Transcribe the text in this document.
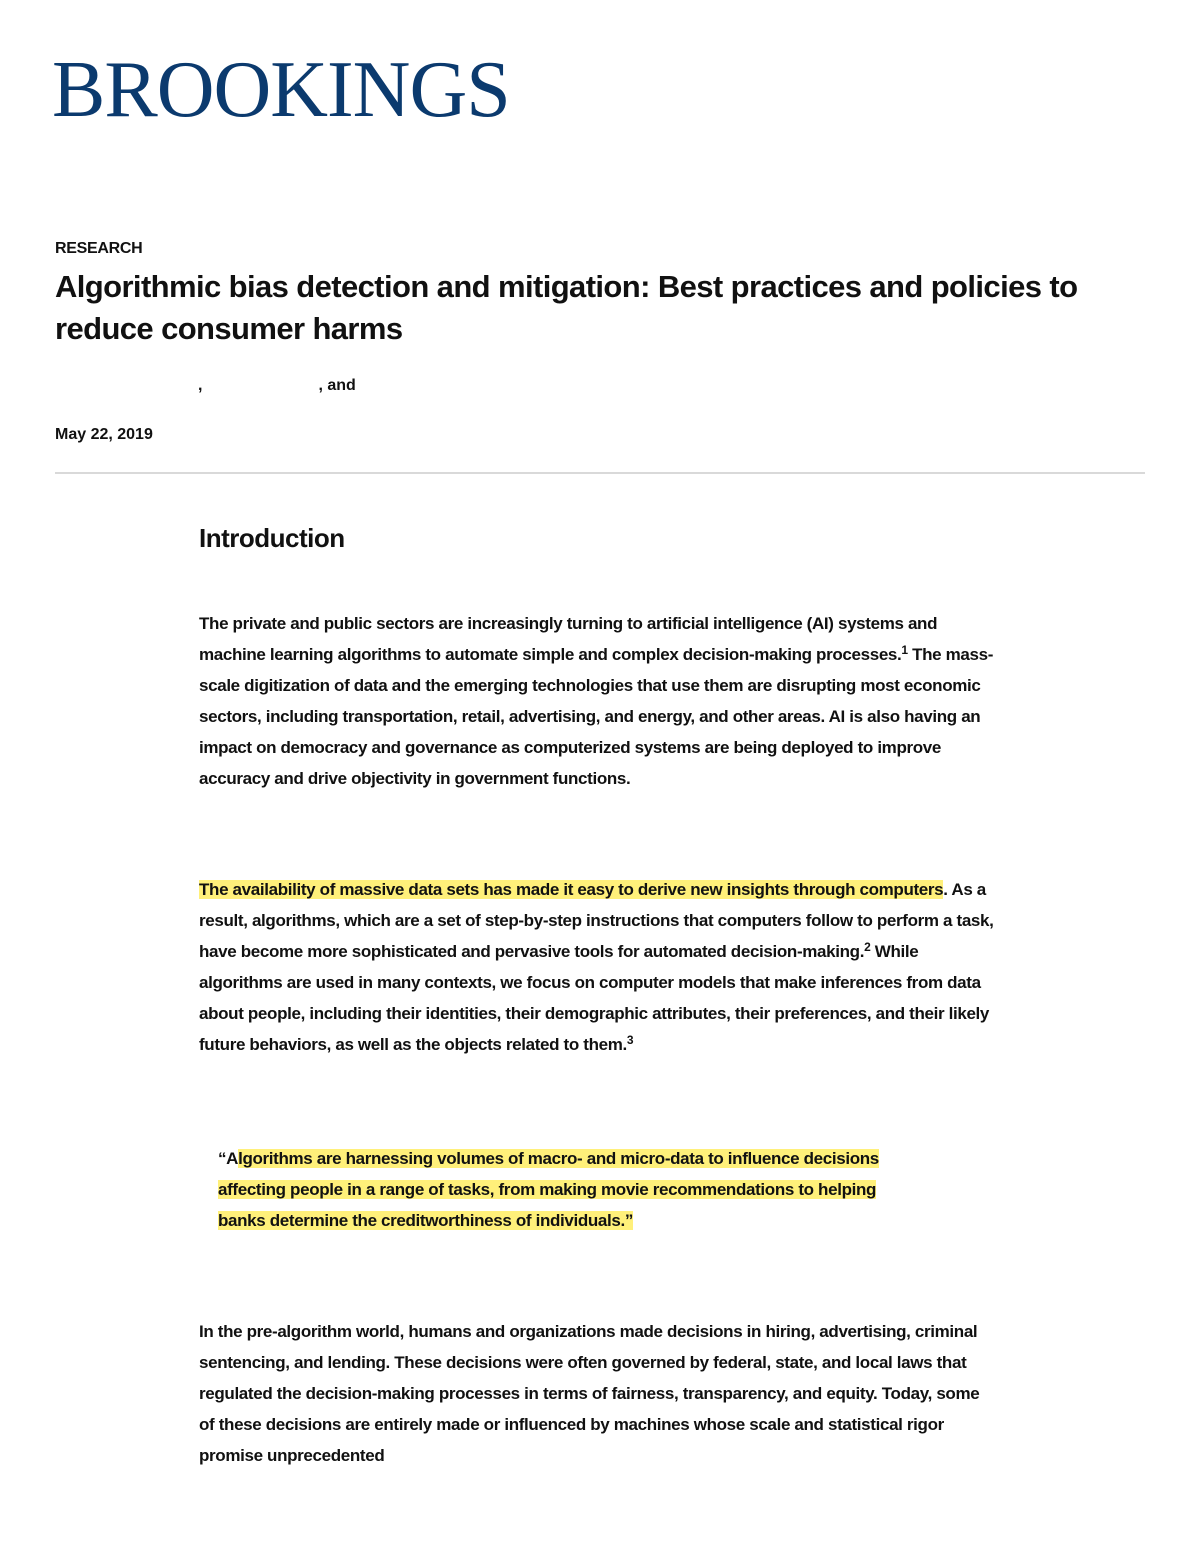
BROOKINGS
RESEARCH
Algorithmic bias detection and mitigation: Best practices and policies to reduce consumer harms
,	, and
May 22, 2019
Introduction

The private and public sectors are increasingly turning to artificial intelligence (AI) systems and machine learning algorithms to automate simple and complex decision-making processes.$^1$ The mass-scale digitization of data and the emerging technologies that use them are disrupting most economic sectors, including transportation, retail, advertising, and energy, and other areas. AI is also having an impact on democracy and governance as computerized systems are being deployed to improve accuracy and drive objectivity in government functions.

The availability of massive data sets has made it easy to derive new insights through computers. As a result, algorithms, which are a set of step-by-step instructions that computers follow to perform a task, have become more sophisticated and pervasive tools for automated decision-making.$^2$ While algorithms are used in many contexts, we focus on computer models that make inferences from data about people, including their identities, their demographic attributes, their preferences, and their likely future behaviors, as well as the objects related to them.$^3$

“Algorithms are harnessing volumes of macro- and micro-data to influence decisions affecting people in a range of tasks, from making movie recommendations to helping banks determine the creditworthiness of individuals.”

In the pre-algorithm world, humans and organizations made decisions in hiring, advertising, criminal sentencing, and lending. These decisions were often governed by federal, state, and local laws that regulated the decision-making processes in terms of fairness, transparency, and equity. Today, some of these decisions are entirely made or influenced by machines whose scale and statistical rigor promise unprecedented
